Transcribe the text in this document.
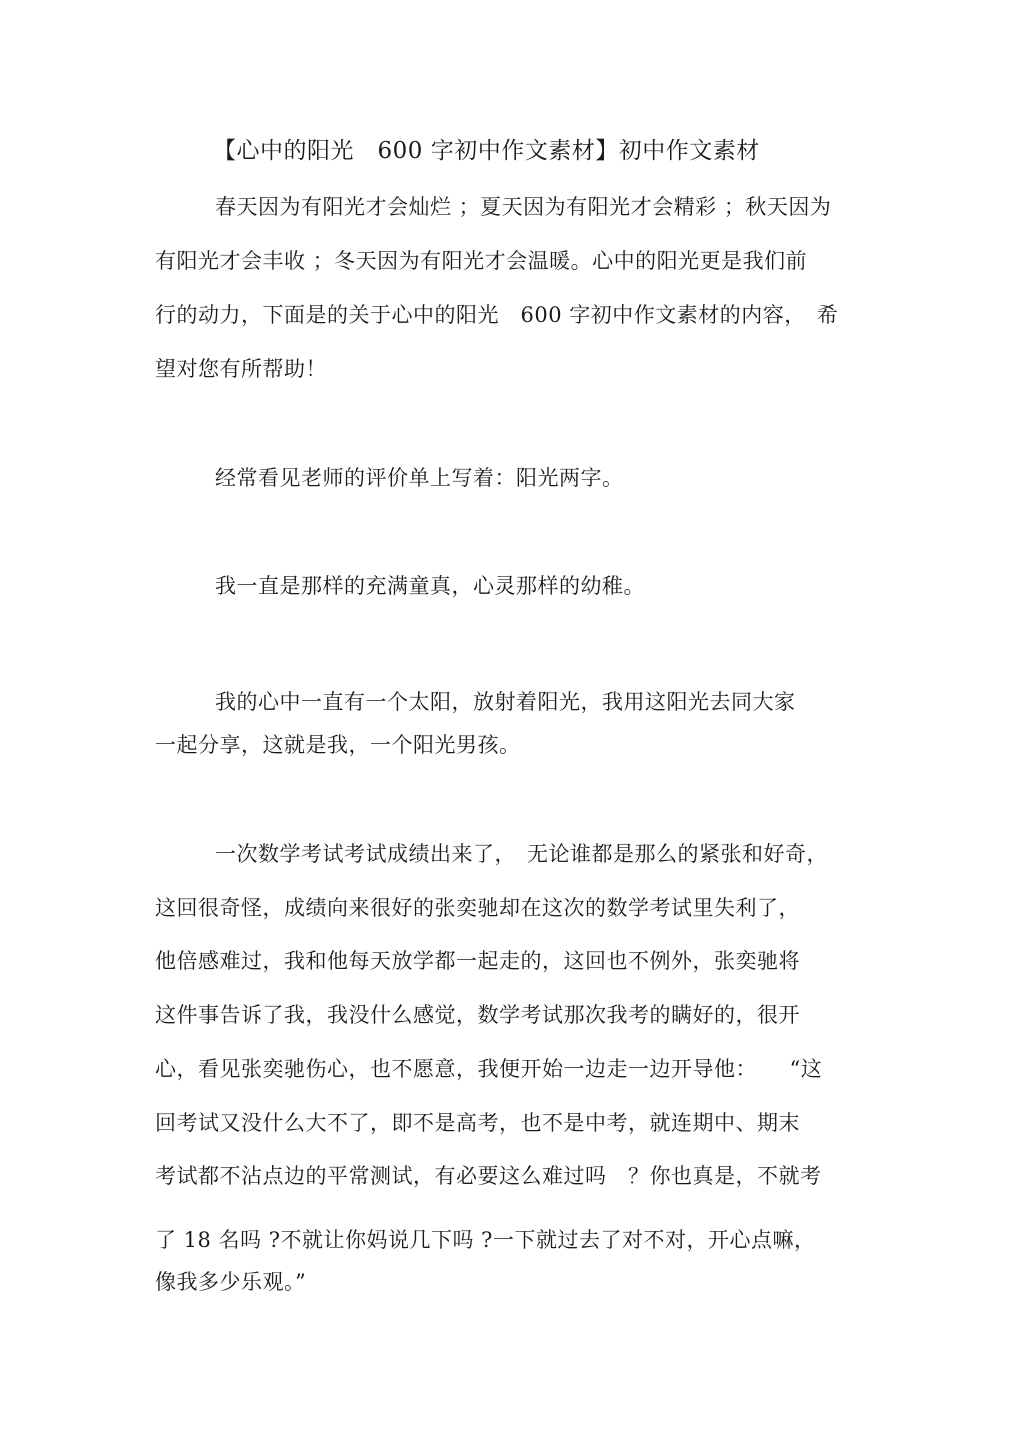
【心中的阳光　600 字初中作文素材】初中作文素材
春天因为有阳光才会灿烂 ；夏天因为有阳光才会精彩 ；秋天因为
有阳光才会丰收 ；冬天因为有阳光才会温暖。心中的阳光更是我们前
行的动力，下面是的关于心中的阳光　600 字初中作文素材的内容，　希
望对您有所帮助！
经常看见老师的评价单上写着：阳光两字。
我一直是那样的充满童真，心灵那样的幼稚。
我的心中一直有一个太阳，放射着阳光，我用这阳光去同大家
一起分享，这就是我，一个阳光男孩。
一次数学考试考试成绩出来了，　无论谁都是那么的紧张和好奇，
这回很奇怪，成绩向来很好的张奕驰却在这次的数学考试里失利了，
他倍感难过，我和他每天放学都一起走的，这回也不例外，张奕驰将
这件事告诉了我，我没什么感觉，数学考试那次我考的瞒好的，很开
心，看见张奕驰伤心，也不愿意，我便开始一边走一边开导他：　　“这
回考试又没什么大不了，即不是高考，也不是中考，就连期中、期末
考试都不沾点边的平常测试，有必要这么难过吗　？你也真是，不就考
了 18 名吗 ?不就让你妈说几下吗 ?一下就过去了对不对，开心点嘛，
像我多少乐观。”
